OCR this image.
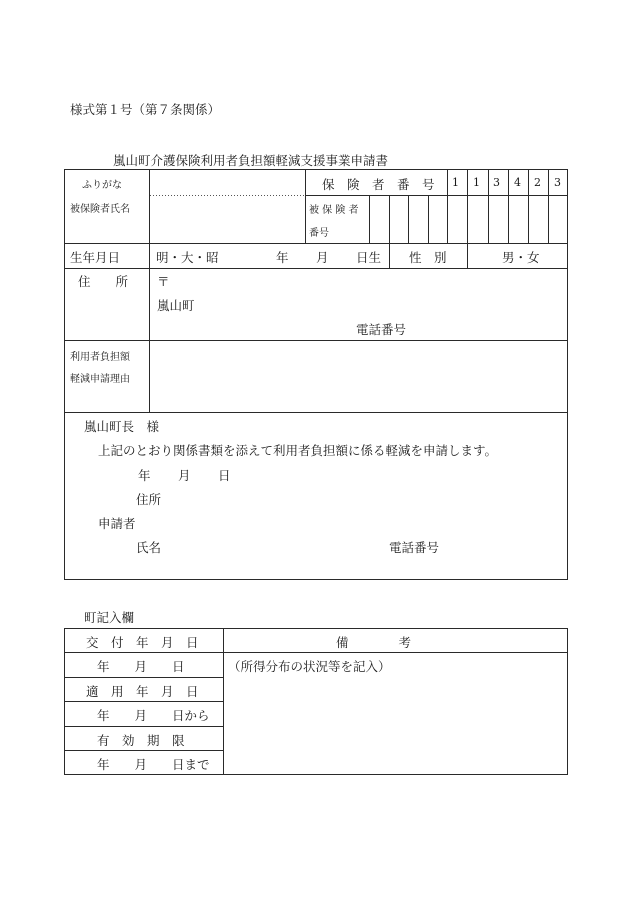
様式第１号（第７条関係）
嵐山町介護保険利用者負担額軽減支援事業申請書
ふりがな
被保険者氏名
保　険　者　番　号 1 1 3 4 2 3
被 保 険 者
番号
生年月日	明・大・昭	年 月 日生 性　別	男・女
住　　所 〒
嵐山町
電話番号
利用者負担額
軽減申請理由
嵐山町長　様
上記のとおり関係書類を添えて利用者負担額に係る軽減を申請します。
年 月 日
住所
申請者
氏名	電話番号
町記入欄
交　付　年　月　日	備　　　　考
年　　月　　日	（所得分布の状況等を記入）
適　用　年　月　日
年　　月　　日から
有　効　期　限
年　　月　　日まで
